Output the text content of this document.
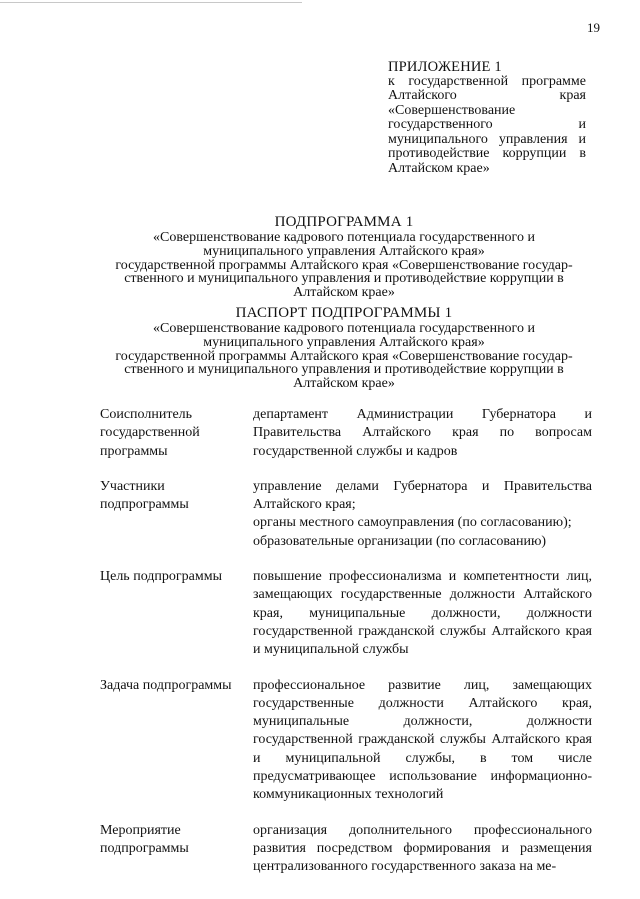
19
ПРИЛОЖЕНИЕ 1
к государственной программе Алтайского края «Совершенствование государственного и муниципального управления и противодействие коррупции в Алтайском крае»
ПОДПРОГРАММА 1
«Совершенствование кадрового потенциала государственного и
муниципального управления Алтайского края»
государственной программы Алтайского края «Совершенствование государ-
ственного и муниципального управления и противодействие коррупции в
Алтайском крае»
ПАСПОРТ ПОДПРОГРАММЫ 1
«Совершенствование кадрового потенциала государственного и
муниципального управления Алтайского края»
государственной программы Алтайского края «Совершенствование государ-
ственного и муниципального управления и противодействие коррупции в
Алтайском крае»
Соисполнитель государственной программы

департамент Администрации Губернатора и Правительства Алтайского края по вопросам государственной службы и кадров

Участники подпрограммы

управление делами Губернатора и Правительства Алтайского края;

органы местного самоуправления (по согласованию);

образовательные организации (по согласованию)

Цель подпрограммы	повышение профессионализма и компетентности лиц, замещающих государственные должности Алтайского края, муниципальные должности, должности государственной гражданской службы Алтайского края и муниципальной службы

Задача подпрограммы	профессиональное развитие лиц, замещающих государственные должности Алтайского края, муниципальные должности, должности государственной гражданской службы Алтайского края и муниципальной службы, в том числе предусматривающее использование информационно-коммуникационных технологий

Мероприятие подпрограммы

организация дополнительного профессионального развития посредством формирования и размещения централизованного государственного заказа на ме-
